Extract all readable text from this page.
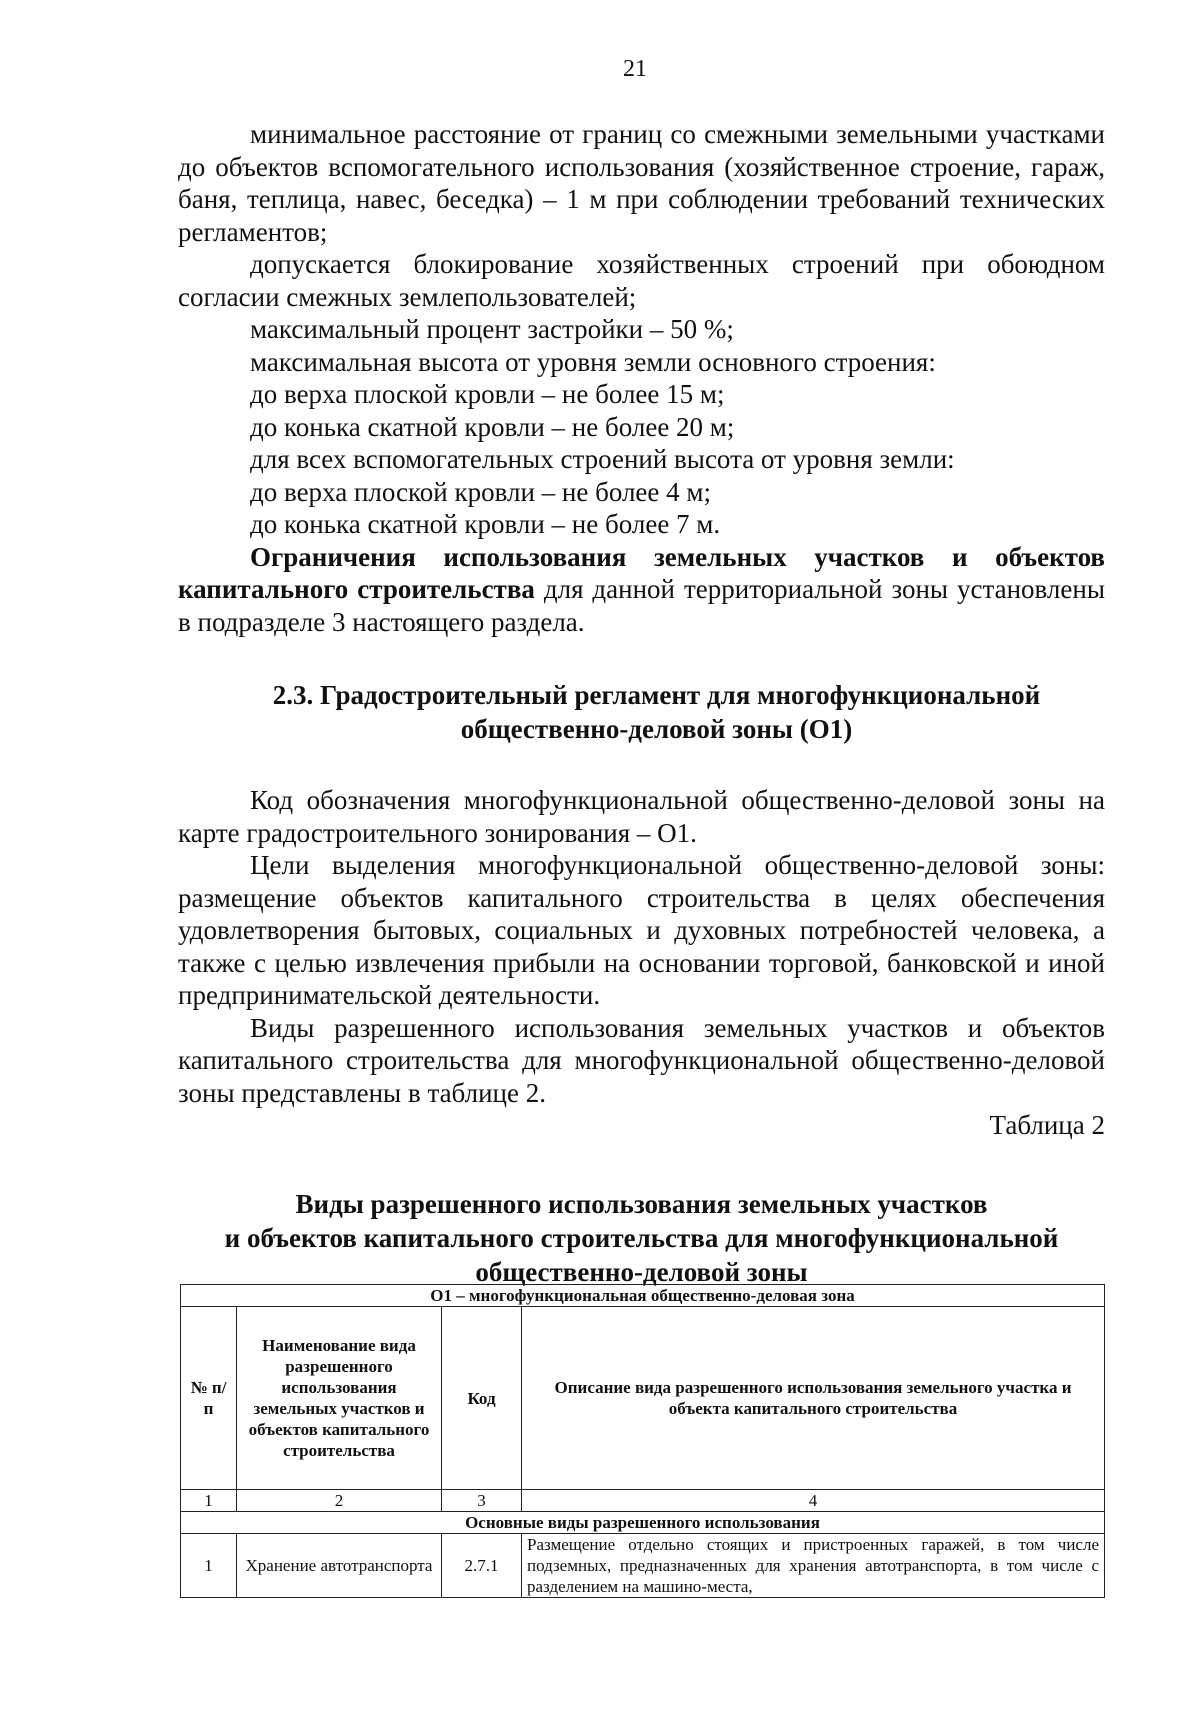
21

минимальное расстояние от границ со смежными земельными участками до объектов вспомогательного использования (хозяйственное строение, гараж, баня, теплица, навес, беседка) – 1 м при соблюдении требований технических регламентов;

допускается блокирование хозяйственных строений при обоюдном согласии смежных землепользователей;

максимальный процент застройки – 50 %;

максимальная высота от уровня земли основного строения:

до верха плоской кровли – не более 15 м;

до конька скатной кровли – не более 20 м;

для всех вспомогательных строений высота от уровня земли:

до верха плоской кровли – не более 4 м;

до конька скатной кровли – не более 7 м.

Ограничения использования земельных участков и объектов капитального строительства для данной территориальной зоны установлены в подразделе 3 настоящего раздела.

2.3. Градостроительный регламент для многофункциональной
общественно-деловой зоны (О1)

Код обозначения многофункциональной общественно-деловой зоны на карте градостроительного зонирования – О1.

Цели выделения многофункциональной общественно-деловой зоны: размещение объектов капитального строительства в целях обеспечения удовлетворения бытовых, социальных и духовных потребностей человека, а также с целью извлечения прибыли на основании торговой, банковской и иной предпринимательской деятельности.

Виды разрешенного использования земельных участков и объектов капитального строительства для многофункциональной общественно-деловой зоны представлены в таблице 2.

Таблица 2

Виды разрешенного использования земельных участков
и объектов капитального строительства для многофункциональной
общественно-деловой зоны
О1 – многофункциональная общественно-деловая зона			
№ п/п	Наименование вида разрешенного использования земельных участков и объектов капитального строительства	Код	Описание вида разрешенного использования земельного участка и объекта капитального строительства
1	2	3	4
Основные виды разрешенного использования			
1	Хранение автотранспорта	2.7.1	Размещение отдельно стоящих и пристроенных гаражей, в том числе подземных, предназначенных для хранения автотранспорта, в том числе с разделением на машино-места,
